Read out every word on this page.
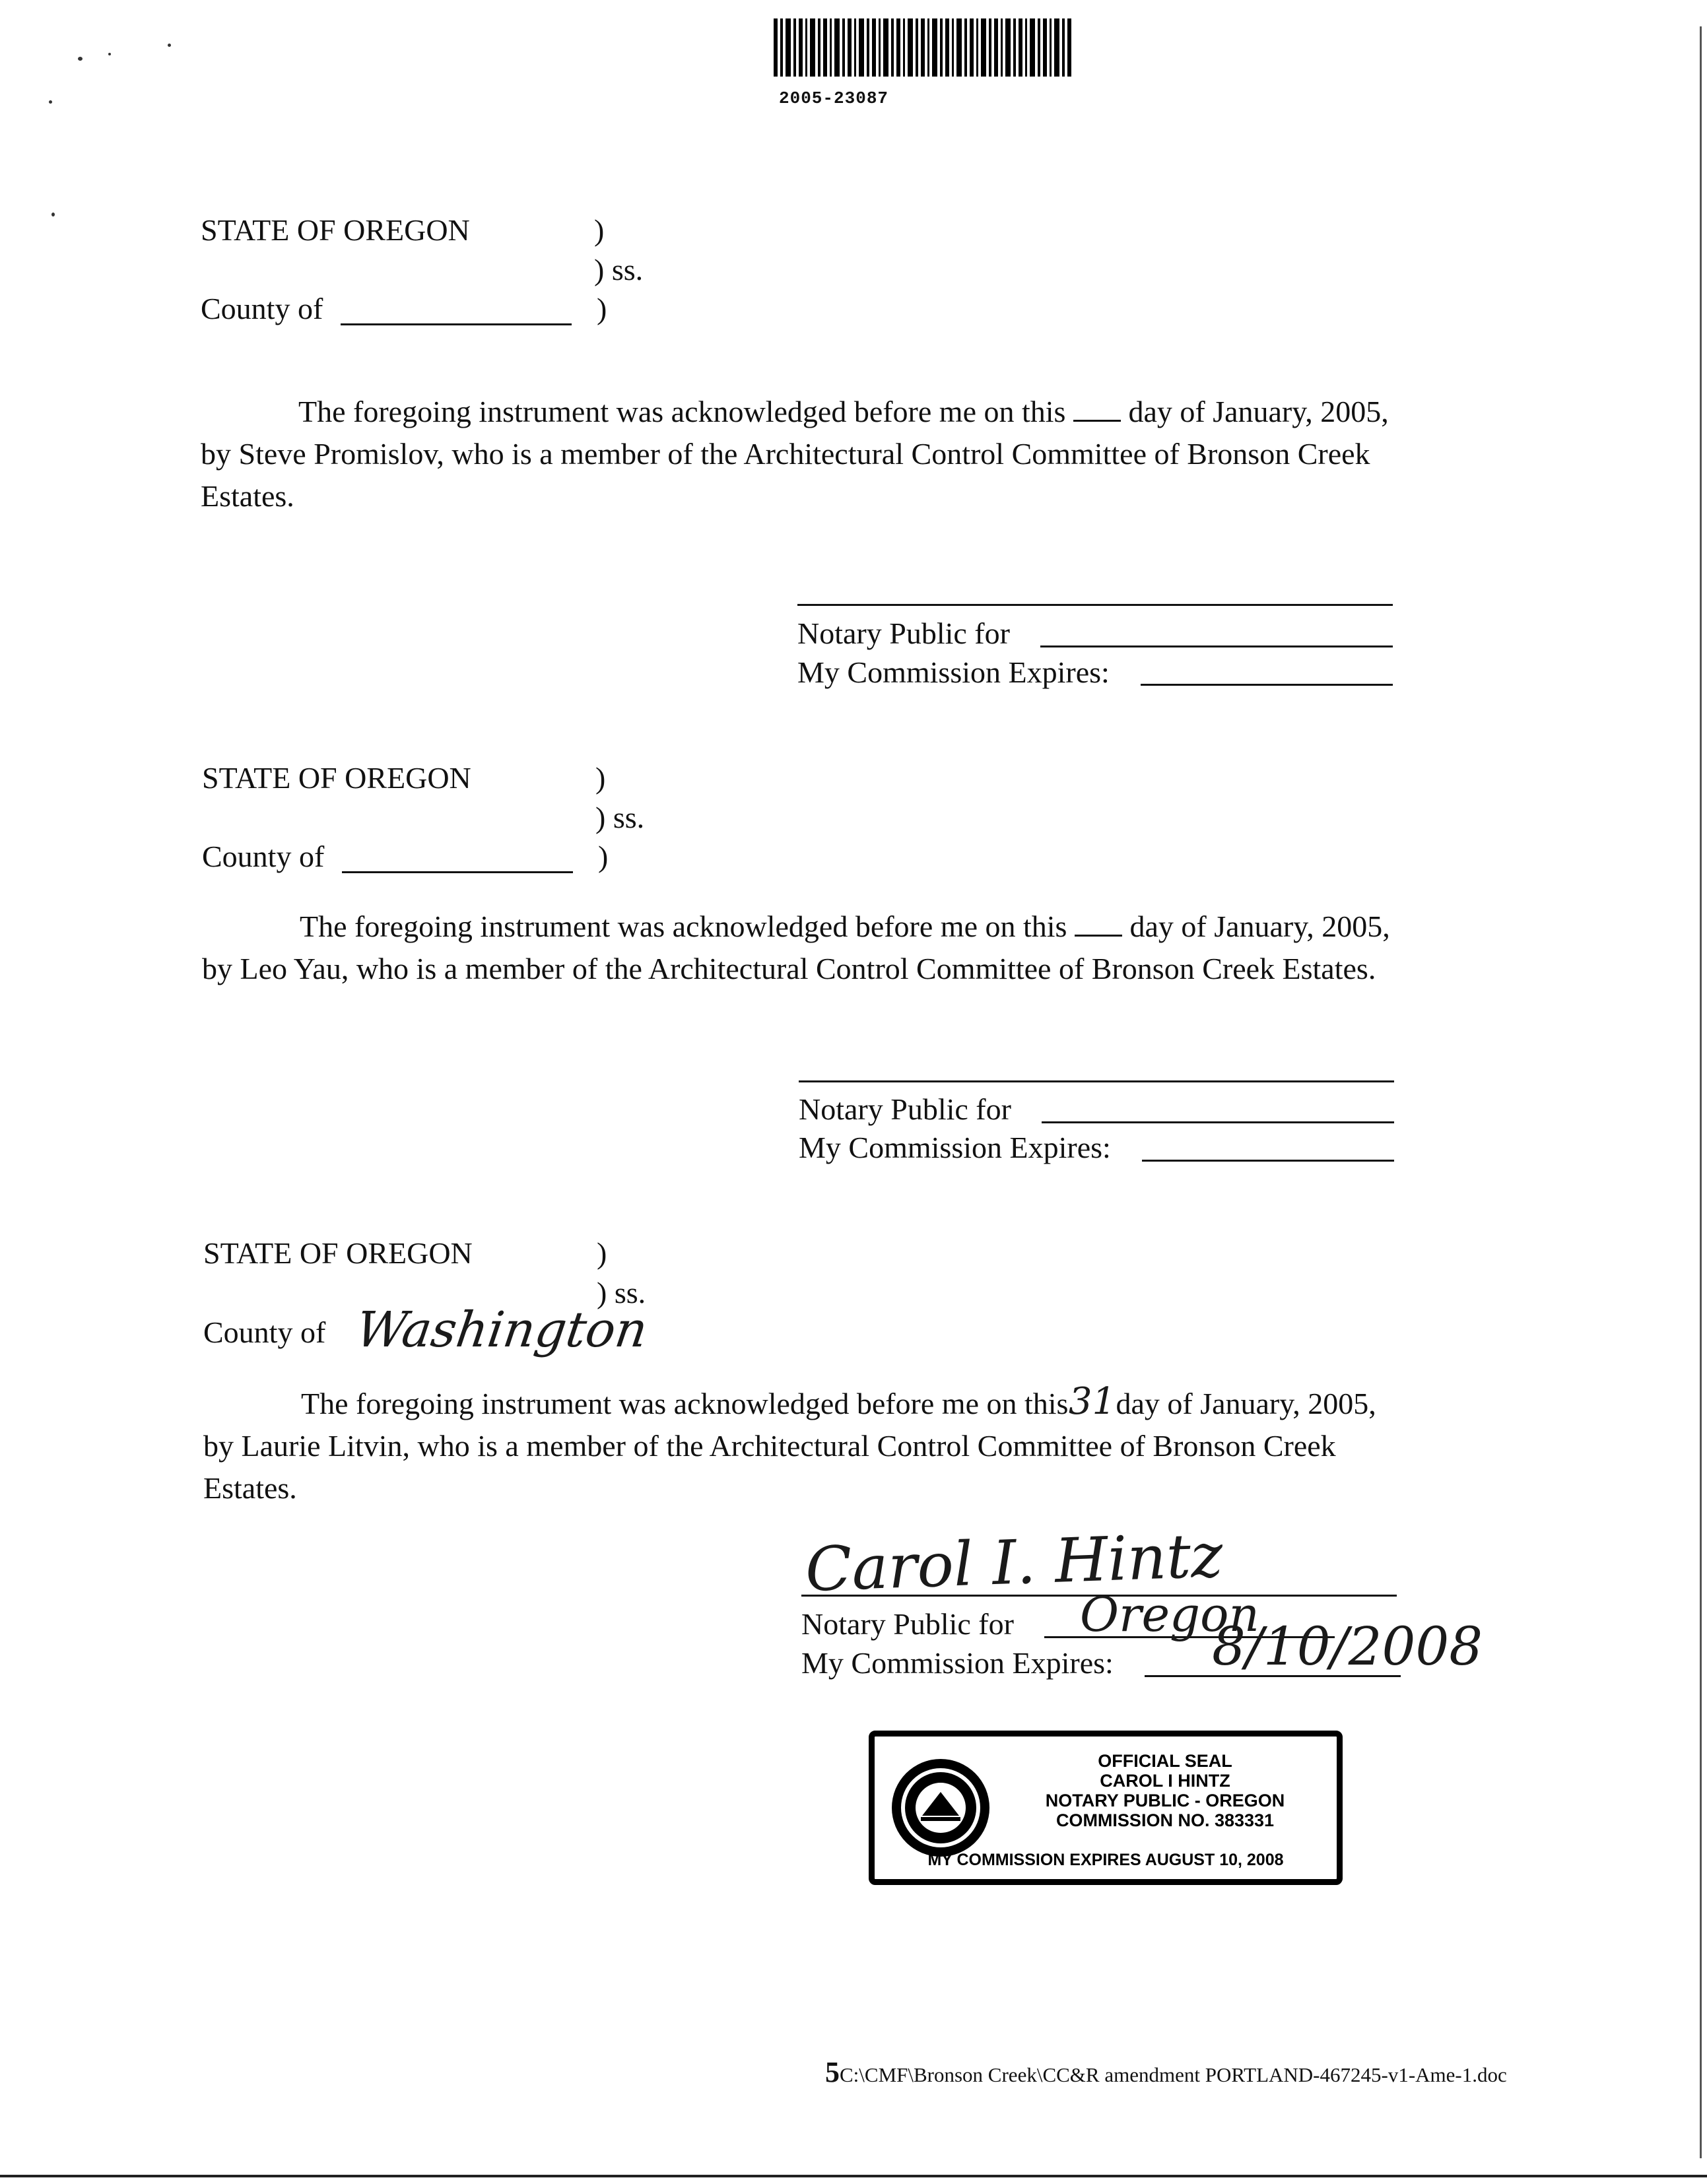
2005-23087
STATE OF OREGON	)
) ss.
County of	)
The foregoing instrument was acknowledged before me on this day of January, 2005,
by Steve Promislov, who is a member of the Architectural Control Committee of Bronson Creek
Estates.
Notary Public for
My Commission Expires:
STATE OF OREGON	)
) ss.
County of	)
The foregoing instrument was acknowledged before me on this day of January, 2005,
by Leo Yau, who is a member of the Architectural Control Committee of Bronson Creek Estates.
Notary Public for
My Commission Expires:
STATE OF OREGON	)
) ss.
County of Washington
The foregoing instrument was acknowledged before me on this31day of January, 2005,
by Laurie Litvin, who is a member of the Architectural Control Committee of Bronson Creek
Estates.
Carol I. Hintz
Notary Public for Oregon
My Commission Expires: 8/10/2008
OFFICIAL SEAL
CAROL I HINTZ
NOTARY PUBLIC - OREGON
COMMISSION NO. 383331
MY COMMISSION EXPIRES AUGUST 10, 2008
5C:\CMF\Bronson Creek\CC&R amendment PORTLAND-467245-v1-Ame-1.doc
